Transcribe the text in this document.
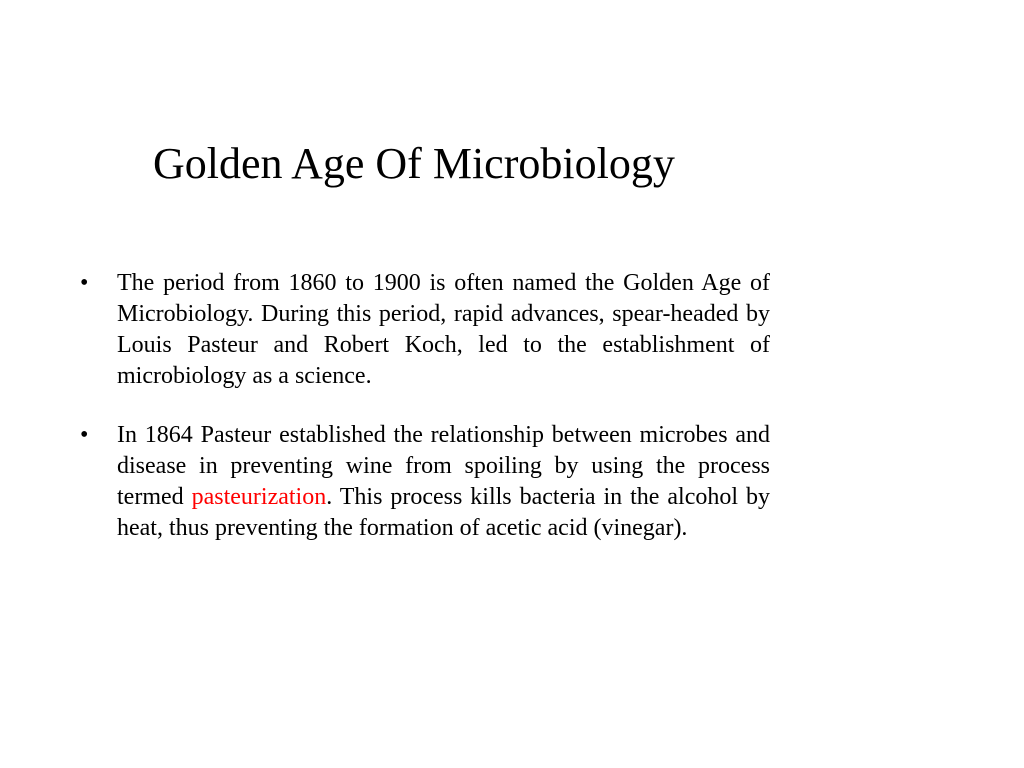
Golden Age Of Microbiology
• The period from 1860 to 1900 is often named the Golden Age of Microbiology. During this period, rapid advances, spear-headed by Louis Pasteur and Robert Koch, led to the establishment of microbiology as a science.
• In 1864 Pasteur established the relationship between microbes and disease in preventing wine from spoiling by using the process termed pasteurization. This process kills bacteria in the alcohol by heat, thus preventing the formation of acetic acid (vinegar).
